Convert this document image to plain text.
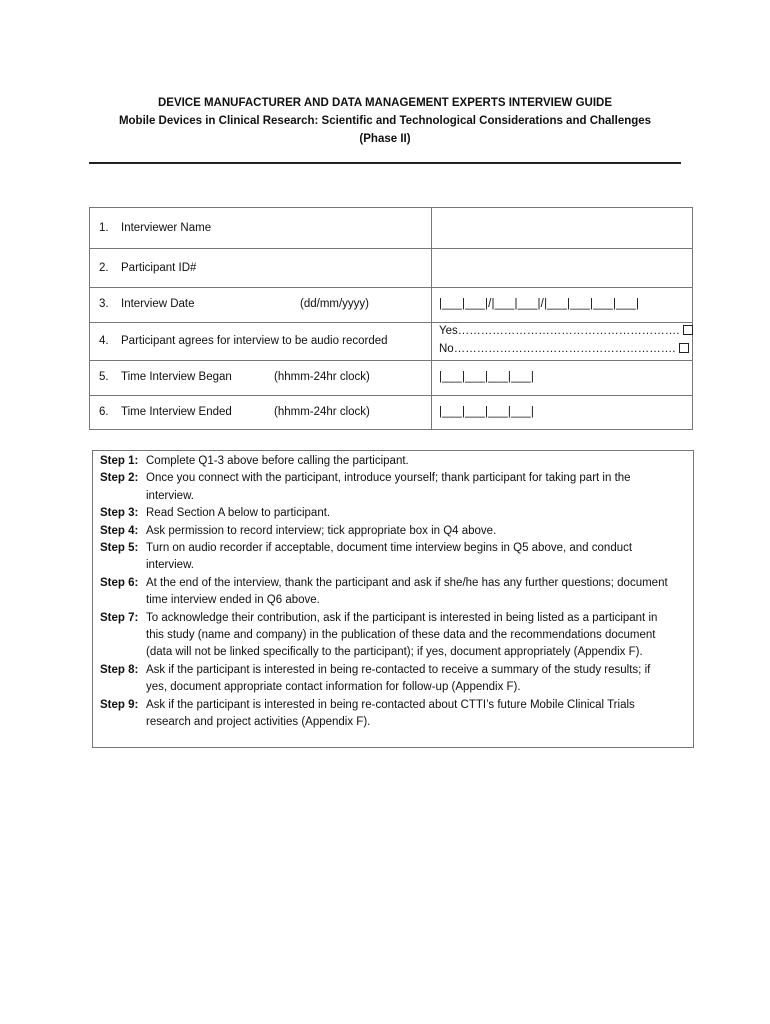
DEVICE MANUFACTURER AND DATA MANAGEMENT EXPERTS INTERVIEW GUIDE
Mobile Devices in Clinical Research: Scientific and Technological Considerations and Challenges
(Phase II)
1. Interviewer Name	

2. Participant ID#	

3. Interview Date (dd/mm/yyyy)	|___|___|/|___|___|/|___|___|___|___|

4. Participant agrees for interview to be audio recorded	Yes………………………………………………….
No………………………………………………….

5. Time Interview Began (hhmm-24hr clock)	|___|___|___|___|

6. Time Interview Ended (hhmm-24hr clock)	|___|___|___|___|
Step 1: Complete Q1-3 above before calling the participant.
Step 2: Once you connect with the participant, introduce yourself; thank participant for taking part in the interview.
Step 3: Read Section A below to participant.
Step 4: Ask permission to record interview; tick appropriate box in Q4 above.
Step 5: Turn on audio recorder if acceptable, document time interview begins in Q5 above, and conduct interview.
Step 6: At the end of the interview, thank the participant and ask if she/he has any further questions; document time interview ended in Q6 above.
Step 7: To acknowledge their contribution, ask if the participant is interested in being listed as a participant in this study (name and company) in the publication of these data and the recommendations document (data will not be linked specifically to the participant); if yes, document appropriately (Appendix F).
Step 8: Ask if the participant is interested in being re-contacted to receive a summary of the study results; if yes, document appropriate contact information for follow-up (Appendix F).
Step 9: Ask if the participant is interested in being re-contacted about CTTI’s future Mobile Clinical Trials research and project activities (Appendix F).
